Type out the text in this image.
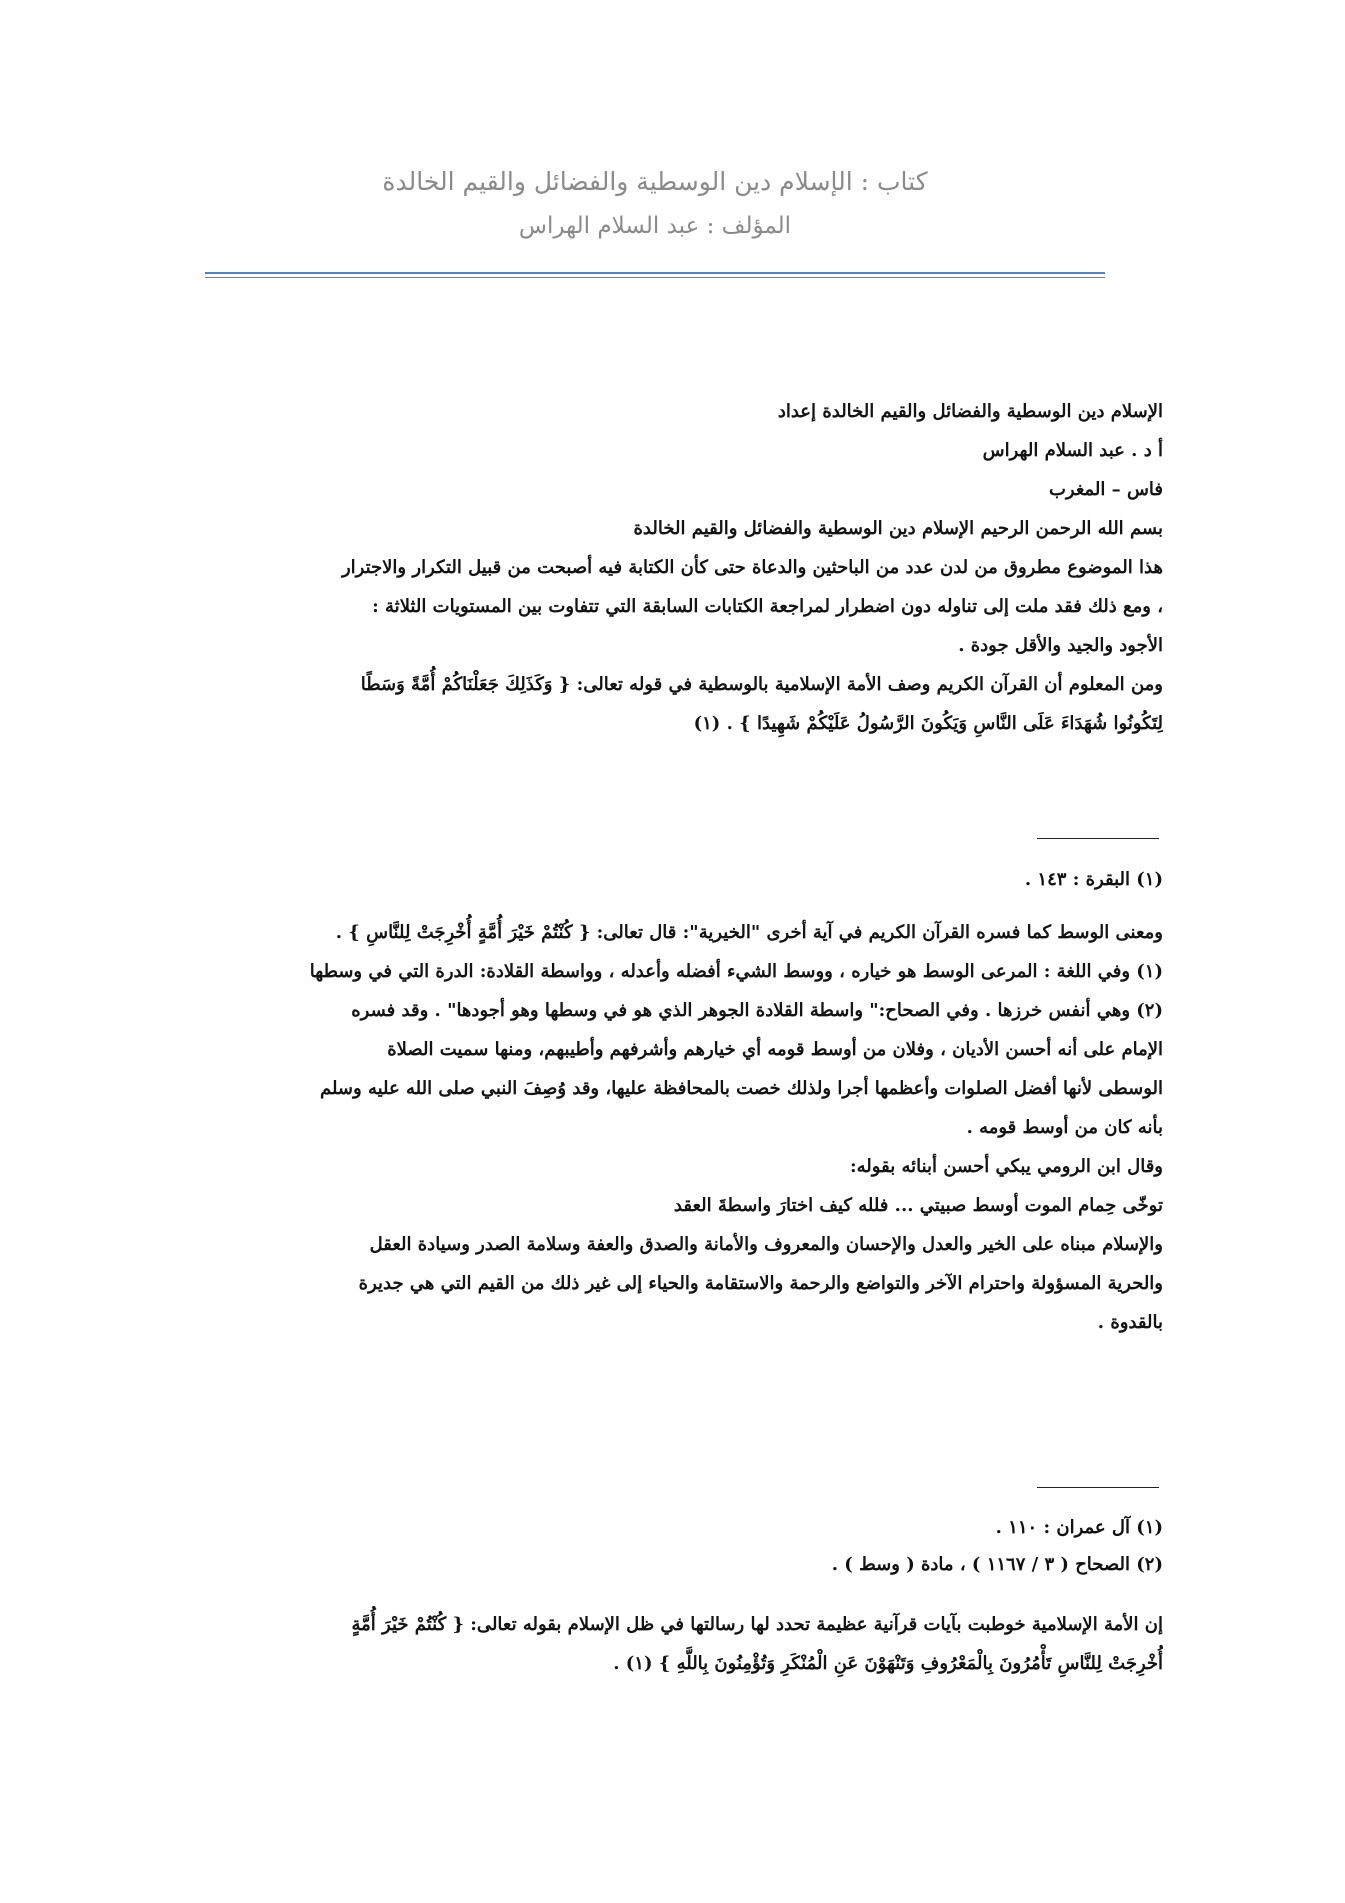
كتاب : الإسلام دين الوسطية والفضائل والقيم الخالدة
المؤلف : عبد السلام الهراس
الإسلام دين الوسطية والفضائل والقيم الخالدة إعداد
أ د . عبد السلام الهراس
فاس – المغرب
بسم الله الرحمن الرحيم الإسلام دين الوسطية والفضائل والقيم الخالدة
هذا الموضوع مطروق من لدن عدد من الباحثين والدعاة حتى كأن الكتابة فيه أصبحت من قبيل التكرار والاجترار
، ومع ذلك فقد ملت إلى تناوله دون اضطرار لمراجعة الكتابات السابقة التي تتفاوت بين المستويات الثلاثة :
الأجود والجيد والأقل جودة .
ومن المعلوم أن القرآن الكريم وصف الأمة الإسلامية بالوسطية في قوله تعالى: { وَكَذَلِكَ جَعَلْنَاكُمْ أُمَّةً وَسَطًا
لِتَكُونُوا شُهَدَاءَ عَلَى النَّاسِ وَيَكُونَ الرَّسُولُ عَلَيْكُمْ شَهِيدًا } . (١)
(١) البقرة : ١٤٣ .
ومعنى الوسط كما فسره القرآن الكريم في آية أخرى "الخيرية": قال تعالى: { كُنْتُمْ خَيْرَ أُمَّةٍ أُخْرِجَتْ لِلنَّاسِ } .
(١) وفي اللغة : المرعى الوسط هو خياره ، ووسط الشيء أفضله وأعدله ، وواسطة القلادة: الدرة التي في وسطها
(٢) وهي أنفس خرزها . وفي الصحاح:" واسطة القلادة الجوهر الذي هو في وسطها وهو أجودها" . وقد فسره
الإمام على أنه أحسن الأديان ، وفلان من أوسط قومه أي خيارهم وأشرفهم وأطيبهم، ومنها سميت الصلاة
الوسطى لأنها أفضل الصلوات وأعظمها أجرا ولذلك خصت بالمحافظة عليها، وقد وُصِفَ النبي صلى الله عليه وسلم
بأنه كان من أوسط قومه .
وقال ابن الرومي يبكي أحسن أبنائه بقوله:
توخّى حِمام الموت أوسط صبيتي ... فلله كيف اختارَ واسطةَ العقد
والإسلام مبناه على الخير والعدل والإحسان والمعروف والأمانة والصدق والعفة وسلامة الصدر وسيادة العقل
والحرية المسؤولة واحترام الآخر والتواضع والرحمة والاستقامة والحياء إلى غير ذلك من القيم التي هي جديرة
بالقدوة .
(١) آل عمران : ١١٠ .
(٢) الصحاح ( ٣ / ١١٦٧ ) ، مادة ( وسط ) .
إن الأمة الإسلامية خوطبت بآيات قرآنية عظيمة تحدد لها رسالتها في ظل الإسلام بقوله تعالى: { كُنْتُمْ خَيْرَ أُمَّةٍ
أُخْرِجَتْ لِلنَّاسِ تَأْمُرُونَ بِالْمَعْرُوفِ وَتَنْهَوْنَ عَنِ الْمُنْكَرِ وَتُؤْمِنُونَ بِاللَّهِ } (١) .
